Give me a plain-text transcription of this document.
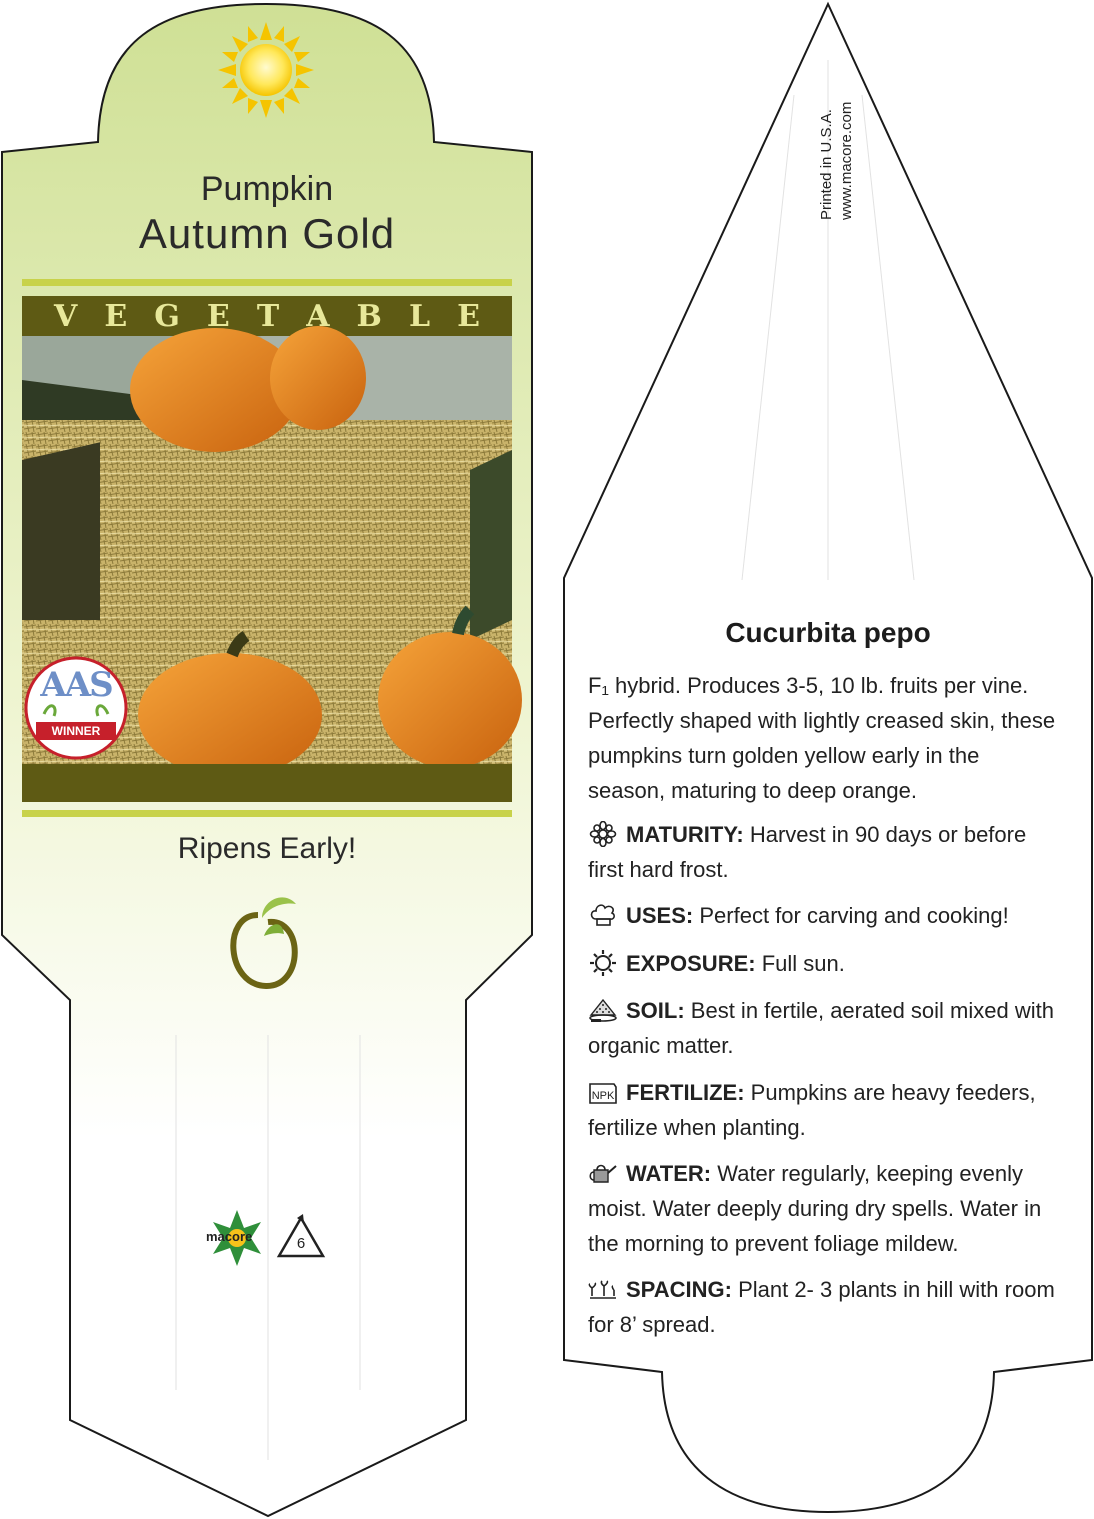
Pumpkin
Autumn Gold
V E G E T A B L E
AAS
WINNER
Ripens Early!
macore	6
Printed in U.S.A. www.macore.com
Cucurbita pepo
F₁ hybrid. Produces 3-5, 10 lb. fruits per vine. Perfectly shaped with lightly creased skin, these pumpkins turn golden yellow early in the season, maturing to deep orange.
MATURITY: Harvest in 90 days or before first hard frost.
USES: Perfect for carving and cooking!
EXPOSURE: Full sun.
SOIL: Best in fertile, aerated soil mixed with organic matter.
NPK FERTILIZE: Pumpkins are heavy feeders, fertilize when planting.
WATER: Water regularly, keeping evenly moist. Water deeply during dry spells. Water in the morning to prevent foliage mildew.
SPACING: Plant 2- 3 plants in hill with room for 8’ spread.
